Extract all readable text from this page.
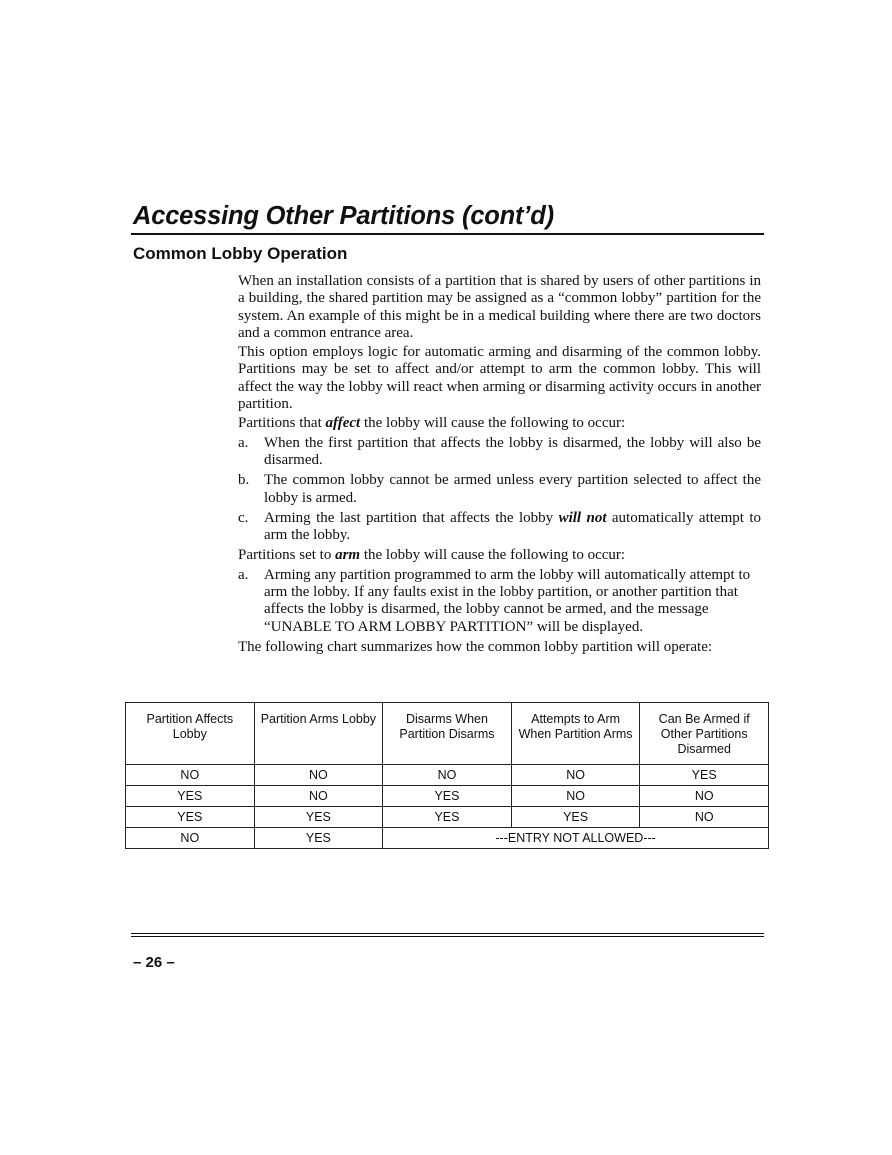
Accessing Other Partitions (cont’d)
Common Lobby Operation

When an installation consists of a partition that is shared by users of other partitions in a building, the shared partition may be assigned as a “common lobby” partition for the system. An example of this might be in a medical building where there are two doctors and a common entrance area.

This option employs logic for automatic arming and disarming of the common lobby. Partitions may be set to affect and/or attempt to arm the common lobby. This will affect the way the lobby will react when arming or disarming activity occurs in another partition.

Partitions that affect the lobby will cause the following to occur:

a.	When the first partition that affects the lobby is disarmed, the lobby will also be disarmed.
b. The common lobby cannot be armed unless every partition selected to affect the lobby is armed.
c.	Arming the last partition that affects the lobby will not automatically attempt to arm the lobby.

Partitions set to arm the lobby will cause the following to occur:

a.	Arming any partition programmed to arm the lobby will automatically attempt to arm the lobby. If any faults exist in the lobby partition, or another partition that affects the lobby is disarmed, the lobby cannot be armed, and the message “UNABLE TO ARM LOBBY PARTITION” will be displayed.

The following chart summarizes how the common lobby partition will operate:

Partition Affects Lobby	Partition Arms Lobby	Disarms When Partition Disarms	Attempts to Arm When Partition Arms	Can Be Armed if Other Partitions Disarmed
NO	NO	NO	NO	YES
YES	NO	YES	NO	NO
YES	YES	YES	YES	NO
NO	YES	---ENTRY NOT ALLOWED---		
– 26 –
